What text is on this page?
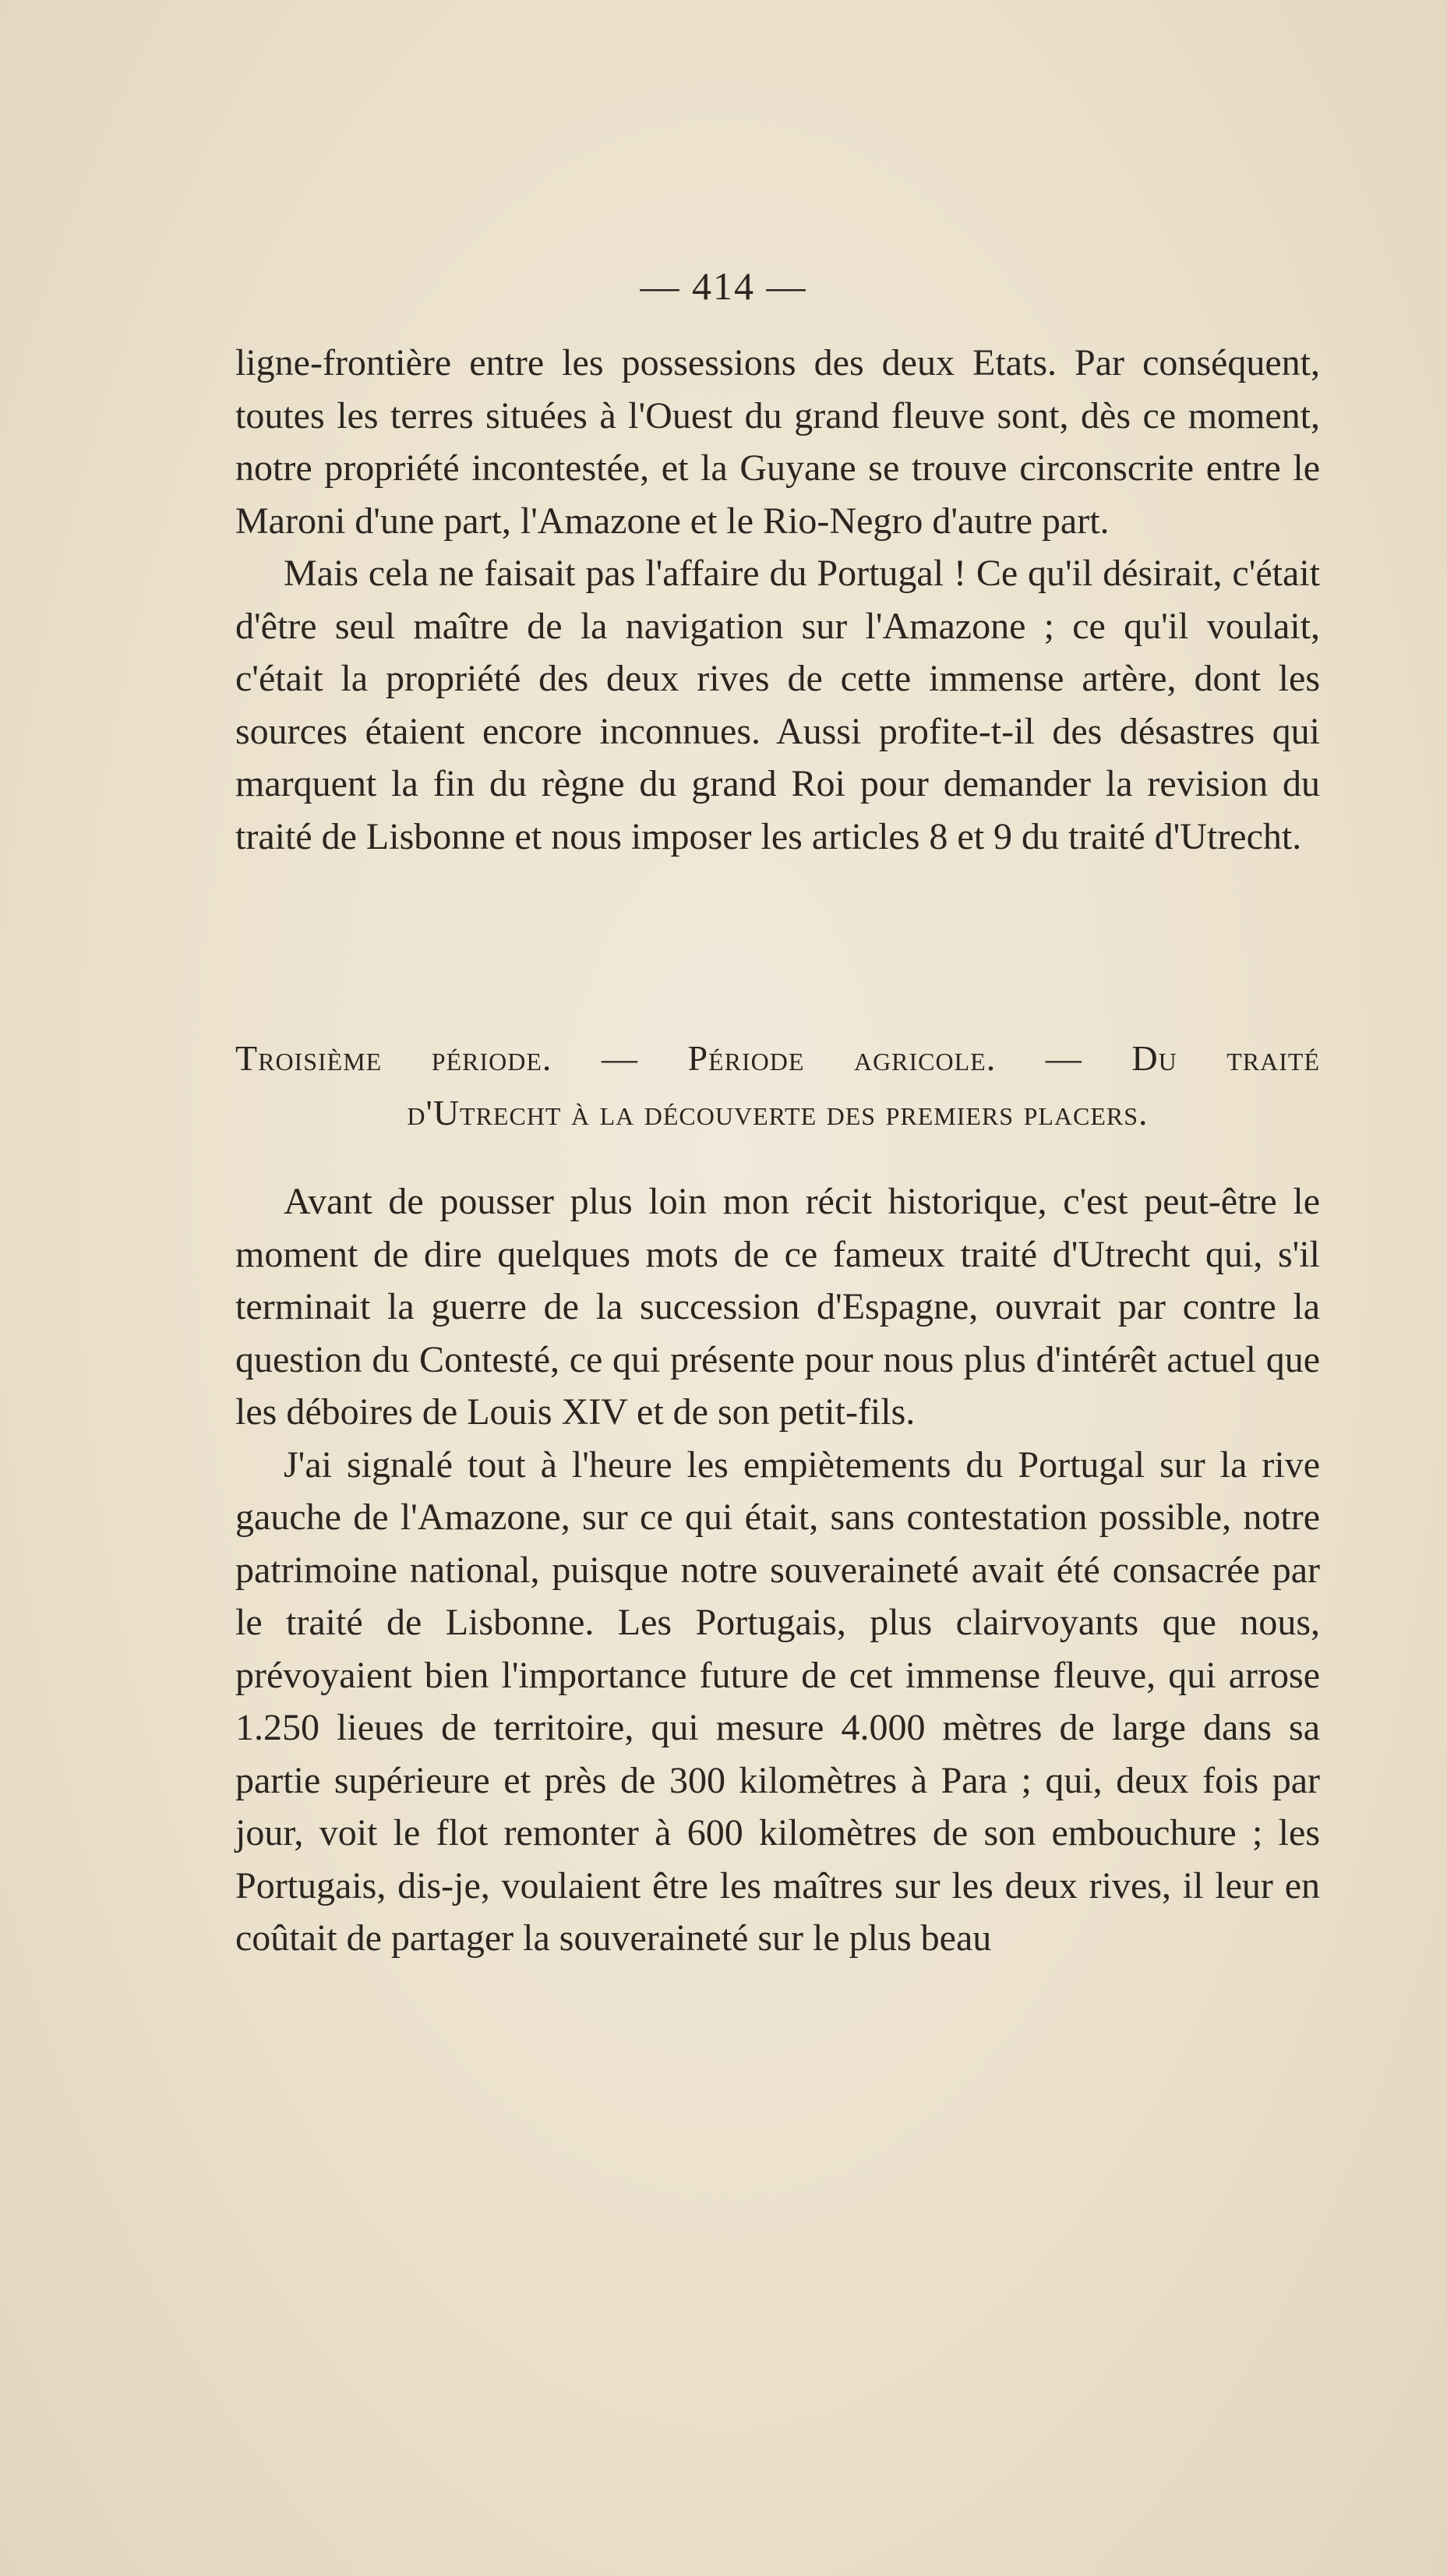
— 414 —

ligne-frontière entre les possessions des deux Etats. Par conséquent, toutes les terres situées à l'Ouest du grand fleuve sont, dès ce moment, notre propriété incontestée, et la Guyane se trouve circonscrite entre le Maroni d'une part, l'Amazone et le Rio-Negro d'autre part.

Mais cela ne faisait pas l'affaire du Portugal ! Ce qu'il désirait, c'était d'être seul maître de la navigation sur l'Amazone ; ce qu'il voulait, c'était la propriété des deux rives de cette immense artère, dont les sources étaient encore inconnues. Aussi profite-t-il des désastres qui marquent la fin du règne du grand Roi pour demander la revision du traité de Lisbonne et nous imposer les articles 8 et 9 du traité d'Utrecht.

Troisième période. — Période agricole. — Du traité
d'Utrecht à la découverte des premiers placers.

Avant de pousser plus loin mon récit historique, c'est peut-être le moment de dire quelques mots de ce fameux traité d'Utrecht qui, s'il terminait la guerre de la succession d'Espagne, ouvrait par contre la question du Contesté, ce qui présente pour nous plus d'intérêt actuel que les déboires de Louis XIV et de son petit-fils.

J'ai signalé tout à l'heure les empiètements du Portugal sur la rive gauche de l'Amazone, sur ce qui était, sans contestation possible, notre patrimoine national, puisque notre souveraineté avait été consacrée par le traité de Lisbonne. Les Portugais, plus clairvoyants que nous, prévoyaient bien l'importance future de cet immense fleuve, qui arrose 1.250 lieues de territoire, qui mesure 4.000 mètres de large dans sa partie supérieure et près de 300 kilomètres à Para ; qui, deux fois par jour, voit le flot remonter à 600 kilomètres de son embouchure ; les Portugais, dis-je, voulaient être les maîtres sur les deux rives, il leur en coûtait de partager la souveraineté sur le plus beau
